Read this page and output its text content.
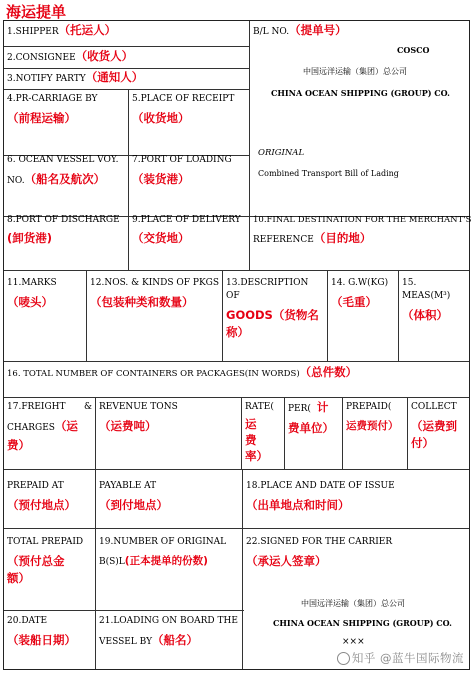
海运提单
1.SHIPPER（托运人）	B/L NO.（提单号）
COSCO
中国远洋运输（集团）总公司
CHINA OCEAN SHIPPING (GROUP) CO.
ORIGINAL
Combined Transport Bill of Lading
2.CONSIGNEE（收货人）
3.NOTIFY PARTY（通知人）
4.PR-CARRIAGE BY
（前程运输）
5.PLACE OF RECEIPT
（收货地）
6. OCEAN VESSEL VOY.
NO.（船名及航次）
7.PORT OF LOADING
（装货港）
8.PORT OF DISCHARGE
(卸货港)
9.PLACE OF DELIVERY
（交货地）
10.FINAL DESTINATION FOR THE MERCHANT'S
REFERENCE（目的地）
11.MARKS
（唛头）
12.NOS. & KINDS OF PKGS
（包装种类和数量）
13.DESCRIPTION OF
GOODS（货物名
称）
14. G.W(KG)
（毛重）
15. MEAS(M³)
（体积）
16. TOTAL NUMBER OF CONTAINERS OR PACKAGES(IN WORDS)（总件数）
17.FREIGHT &
CHARGES（运
费）
REVENUE TONS
（运费吨）
RATE(
运
费
率）
PER( 计
费单位）
PREPAID(
运费预付）
COLLECT
（运费到
付）
PREPAID AT
（预付地点）
PAYABLE AT
（到付地点）
18.PLACE AND DATE OF ISSUE
（出单地点和时间）
TOTAL PREPAID
（预付总金
额）
19.NUMBER OF ORIGINAL
B(S)L(正本提单的份数)
22.SIGNED FOR THE CARRIER
（承运人签章）
20.DATE
（装船日期）
21.LOADING ON BOARD THE
VESSEL BY（船名）
中国远洋运输（集团）总公司
CHINA OCEAN SHIPPING (GROUP) CO.
×××
知乎 @蓝牛国际物流
